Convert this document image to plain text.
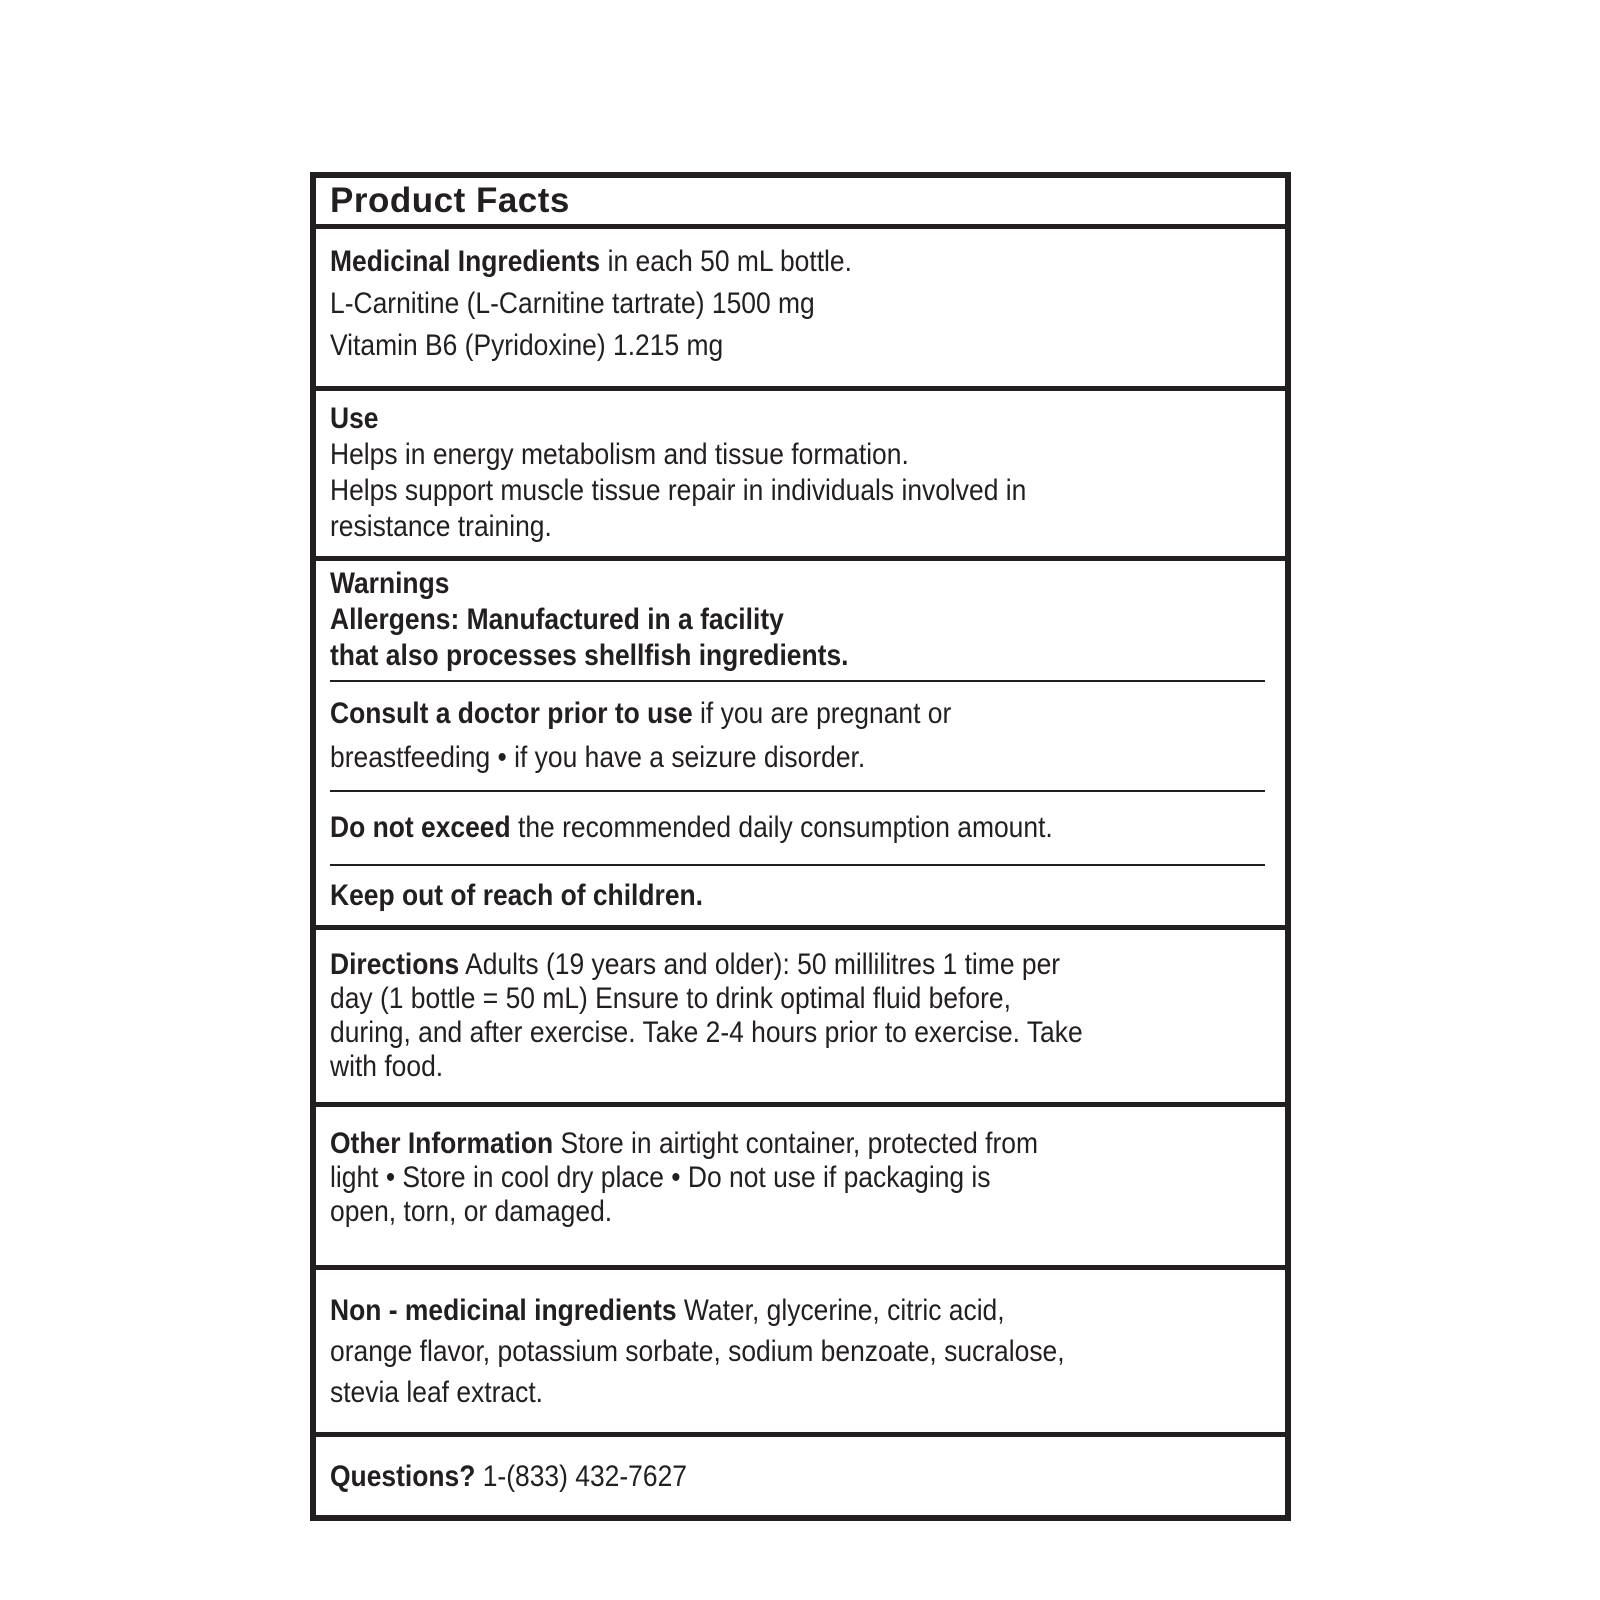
Product Facts
Medicinal Ingredients in each 50 mL bottle.
L-Carnitine (L-Carnitine tartrate) 1500 mg
Vitamin B6 (Pyridoxine) 1.215 mg
Use
Helps in energy metabolism and tissue formation.
Helps support muscle tissue repair in individuals involved in
resistance training.
Warnings
Allergens: Manufactured in a facility
that also processes shellfish ingredients.
Consult a doctor prior to use if you are pregnant or
breastfeeding • if you have a seizure disorder.
Do not exceed the recommended daily consumption amount.
Keep out of reach of children.
Directions Adults (19 years and older): 50 millilitres 1 time per
day (1 bottle = 50 mL) Ensure to drink optimal fluid before,
during, and after exercise. Take 2-4 hours prior to exercise. Take
with food.
Other Information Store in airtight container, protected from
light • Store in cool dry place • Do not use if packaging is
open, torn, or damaged.
Non - medicinal ingredients Water, glycerine, citric acid,
orange flavor, potassium sorbate, sodium benzoate, sucralose,
stevia leaf extract.
Questions? 1-(833) 432-7627
